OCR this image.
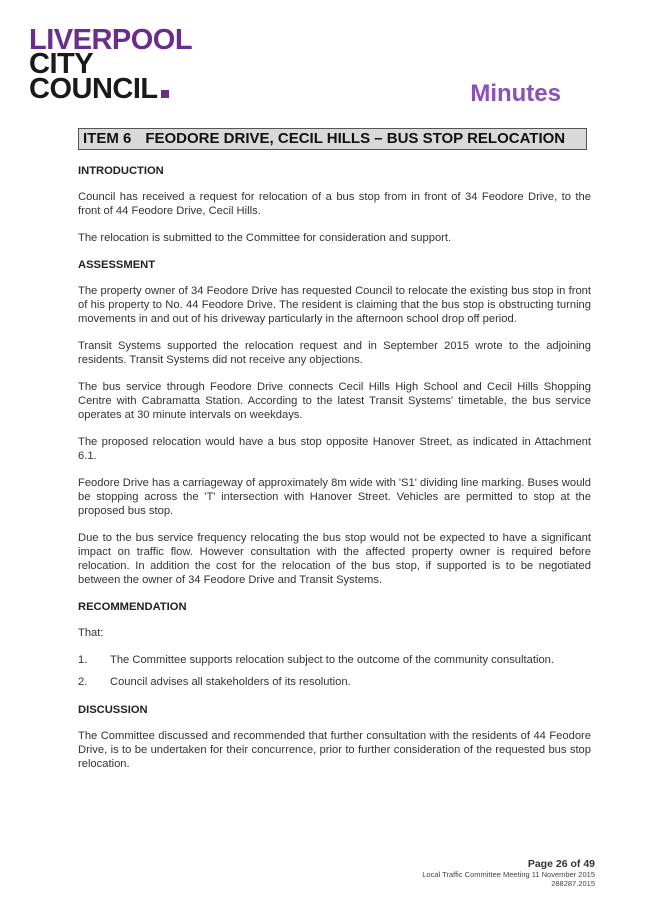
LIVERPOOL
CITY
COUNCIL	Minutes
ITEM 6 FEODORE DRIVE, CECIL HILLS – BUS STOP RELOCATION
INTRODUCTION

Council has received a request for relocation of a bus stop from in front of 34 Feodore Drive, to the front of 44 Feodore Drive, Cecil Hills.

The relocation is submitted to the Committee for consideration and support.

ASSESSMENT

The property owner of 34 Feodore Drive has requested Council to relocate the existing bus stop in front of his property to No. 44 Feodore Drive. The resident is claiming that the bus stop is obstructing turning movements in and out of his driveway particularly in the afternoon school drop off period.

Transit Systems supported the relocation request and in September 2015 wrote to the adjoining residents. Transit Systems did not receive any objections.

The bus service through Feodore Drive connects Cecil Hills High School and Cecil Hills Shopping Centre with Cabramatta Station. According to the latest Transit Systems' timetable, the bus service operates at 30 minute intervals on weekdays.

The proposed relocation would have a bus stop opposite Hanover Street, as indicated in Attachment 6.1.

Feodore Drive has a carriageway of approximately 8m wide with 'S1' dividing line marking. Buses would be stopping across the 'T' intersection with Hanover Street. Vehicles are permitted to stop at the proposed bus stop.

Due to the bus service frequency relocating the bus stop would not be expected to have a significant impact on traffic flow. However consultation with the affected property owner is required before relocation. In addition the cost for the relocation of the bus stop, if supported is to be negotiated between the owner of 34 Feodore Drive and Transit Systems.

RECOMMENDATION

That:

1.	The Committee supports relocation subject to the outcome of the community consultation.
2.	Council advises all stakeholders of its resolution.
DISCUSSION

The Committee discussed and recommended that further consultation with the residents of 44 Feodore Drive, is to be undertaken for their concurrence, prior to further consideration of the requested bus stop relocation.

Page 26 of 49
Local Traffic Committee Meeting 11 November 2015
288287.2015
